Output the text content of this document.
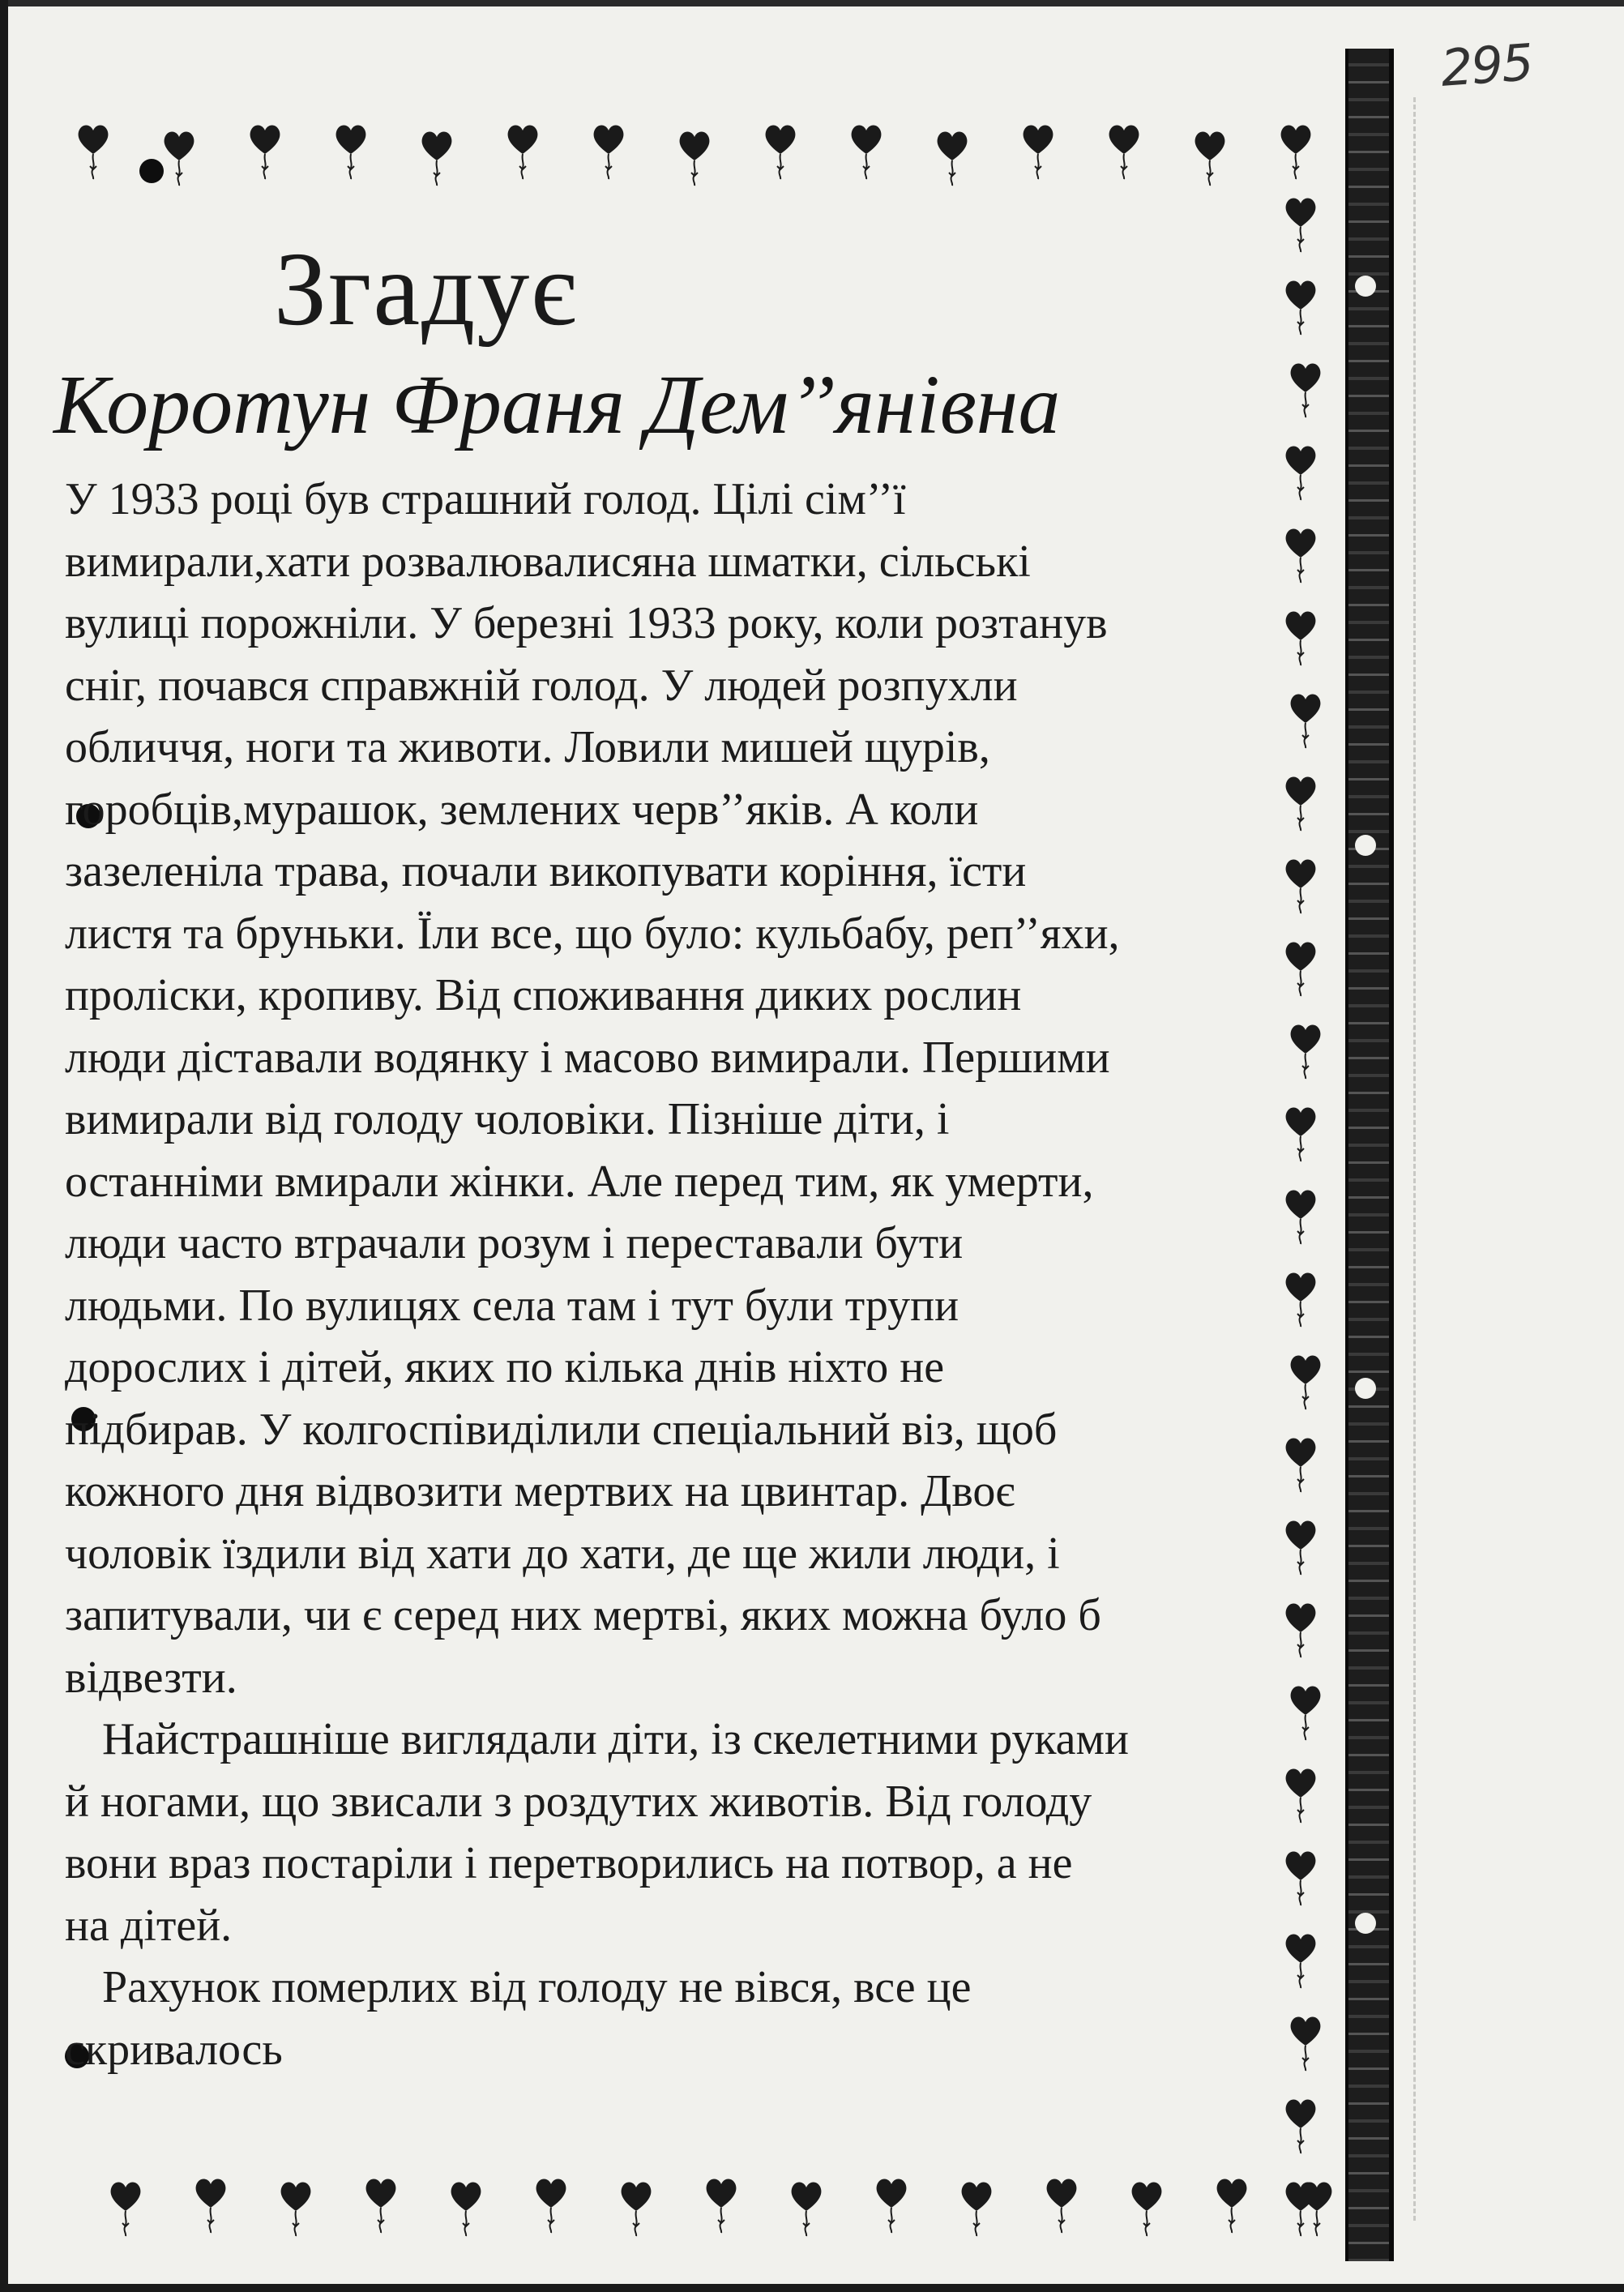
295
Згадує
Коротун Франя Дем’’янівна

У 1933 році був страшний голод. Цілі сім’’ї
вимирали,хати розвалювалисяна шматки, сільські
вулиці порожніли. У березні 1933 року, коли розтанув
сніг, почався справжній голод. У людей розпухли
обличчя, ноги та животи. Ловили мишей щурів,
горобців,мурашок, землених черв’’яків. А коли
зазеленіла трава, почали викопувати коріння, їсти
листя та бруньки. Їли все, що було: кульбабу, реп’’яхи,
проліски, кропиву. Від споживання диких рослин
люди діставали водянку і масово вимирали. Першими
вимирали від голоду чоловіки. Пізніше діти, і
останніми вмирали жінки. Але перед тим, як умерти,
люди часто втрачали розум і переставали бути
людьми. По вулицях села там і тут були трупи
дорослих і дітей, яких по кілька днів ніхто не
підбирав. У колгоспівиділили спеціальний віз, щоб
кожного дня відвозити мертвих на цвинтар. Двоє
чоловік їздили від хати до хати, де ще жили люди, і
запитували, чи є серед них мертві, яких можна було б
відвезти.

Найстрашніше виглядали діти, із скелетними руками
й ногами, що звисали з роздутих животів. Від голоду
вони враз постаріли і перетворились на потвор, а не
на дітей.

Рахунок померлих від голоду не вівся, все це
скривалось
